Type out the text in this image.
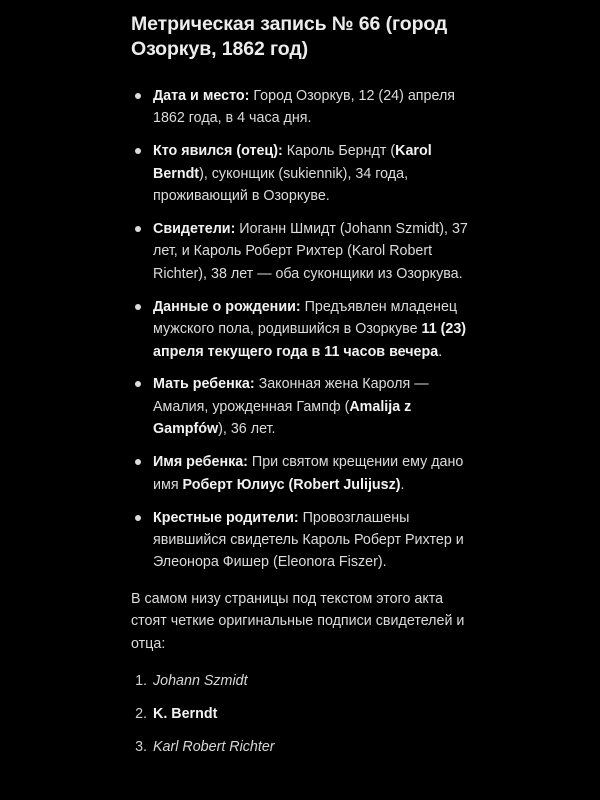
Метрическая запись № 66 (город Озоркув, 1862 год)
Дата и место: Город Озоркув, 12 (24) апреля 1862 года, в 4 часа дня.
Кто явился (отец): Кароль Берндт (Karol Berndt), суконщик (sukiennik), 34 года, проживающий в Озоркуве.
Свидетели: Иоганн Шмидт (Johann Szmidt), 37 лет, и Кароль Роберт Рихтер (Karol Robert Richter), 38 лет — оба суконщики из Озоркува.
Данные о рождении: Предъявлен младенец мужского пола, родившийся в Озоркуве 11 (23) апреля текущего года в 11 часов вечера.
Мать ребенка: Законная жена Кароля — Амалия, урожденная Гампф (Amalija z Gampfów), 36 лет.
Имя ребенка: При святом крещении ему дано имя Роберт Юлиус (Robert Julijusz).
Крестные родители: Провозглашены явившийся свидетель Кароль Роберт Рихтер и Элеонора Фишер (Eleonora Fiszer).

В самом низу страницы под текстом этого акта стоят четкие оригинальные подписи свидетелей и отца:

1. Johann Szmidt
2. K. Berndt
3. Karl Robert Richter
